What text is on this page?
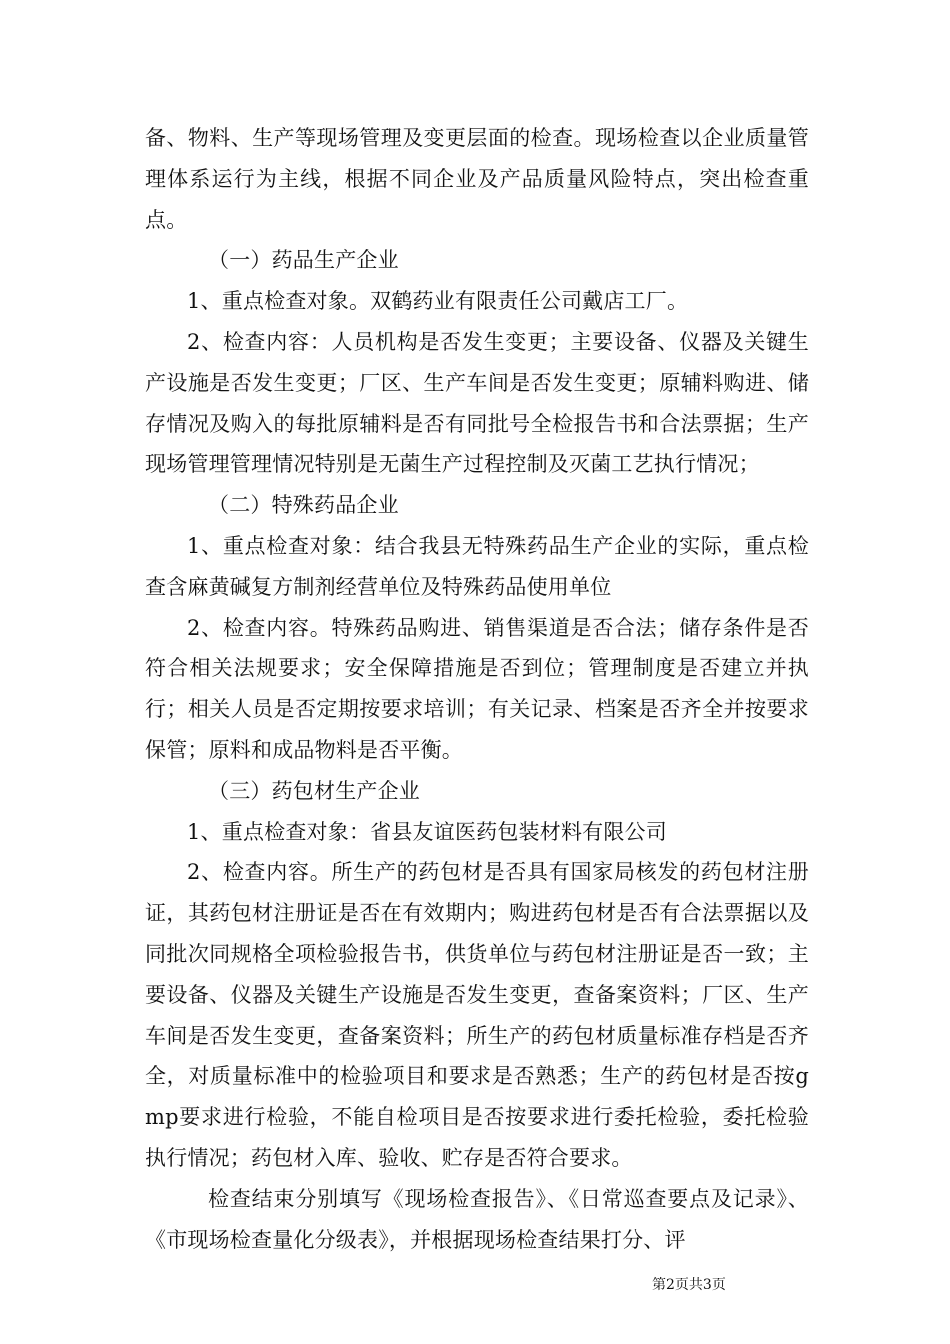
备、物料、生产等现场管理及变更层面的检查。现场检查以企业质量管理体系运行为主线，根据不同企业及产品质量风险特点，突出检查重点。

（一）药品生产企业

1、重点检查对象。双鹤药业有限责任公司戴店工厂。

2、检查内容：人员机构是否发生变更；主要设备、仪器及关键生产设施是否发生变更；厂区、生产车间是否发生变更；原辅料购进、储存情况及购入的每批原辅料是否有同批号全检报告书和合法票据；生产现场管理管理情况特别是无菌生产过程控制及灭菌工艺执行情况；

（二）特殊药品企业

1、重点检查对象：结合我县无特殊药品生产企业的实际，重点检查含麻黄碱复方制剂经营单位及特殊药品使用单位

2、检查内容。特殊药品购进、销售渠道是否合法；储存条件是否符合相关法规要求；安全保障措施是否到位；管理制度是否建立并执行；相关人员是否定期按要求培训；有关记录、档案是否齐全并按要求保管；原料和成品物料是否平衡。

（三）药包材生产企业

1、重点检查对象：省县友谊医药包装材料有限公司

2、检查内容。所生产的药包材是否具有国家局核发的药包材注册证，其药包材注册证是否在有效期内；购进药包材是否有合法票据以及同批次同规格全项检验报告书，供货单位与药包材注册证是否一致；主要设备、仪器及关键生产设施是否发生变更，查备案资料；厂区、生产车间是否发生变更，查备案资料；所生产的药包材质量标准存档是否齐全，对质量标准中的检验项目和要求是否熟悉；生产的药包材是否按gmp要求进行检验，不能自检项目是否按要求进行委托检验，委托检验执行情况；药包材入库、验收、贮存是否符合要求。

检查结束分别填写《现场检查报告》、《日常巡查要点及记录》、《市现场检查量化分级表》，并根据现场检查结果打分、评

第2页共3页
